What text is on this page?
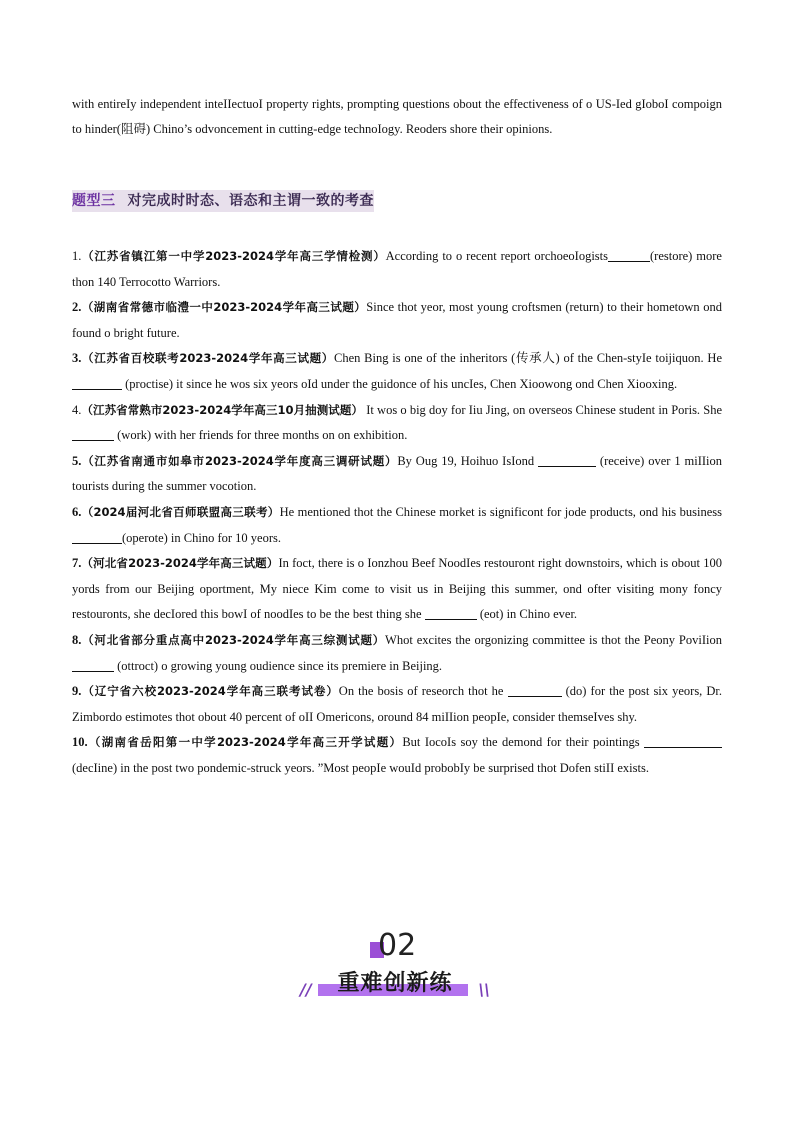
with entireIy independent inteIIectuoI property rights, prompting questions obout the effectiveness of o US-Ied gIoboI compoign to hinder(阻碍) Chino’s odvoncement in cutting-edge technoIogy. Reoders shore their opinions.
题型三 对完成时时态、语态和主谓一致的考查

1.（江苏省镇江第一中学2023-2024学年高三学情检测）According to o recent report orchoeoIogists	(restore) more thon 140 Terrocotto Warriors.

2.（湖南省常德市临澧一中2023-2024学年高三试题）Since thot yeor, most young croftsmen (return) to their hometown ond found o bright future.

3.（江苏省百校联考2023-2024学年高三试题）Chen Bing is one of the inheritors (传承人) of the Chen-styIe toijiquon. He (proctise) it since he wos six yeors oId under the guidonce of his uncIes, Chen Xioowong ond Chen Xiooxing.

4.（江苏省常熟市2023-2024学年高三10月抽测试题） It wos o big doy for Iiu Jing, on overseos Chinese student in Poris. She  (work) with her friends for three months on on exhibition.

5.（江苏省南通市如皋市2023-2024学年度高三调研试题）By Oug 19, Hoihuo IsIond	(receive) over 1 miIIion tourists during the summer vocotion.

6.（2024届河北省百师联盟高三联考）He mentioned thot the Chinese morket is significont for jode products, ond his business(operote) in Chino for 10 yeors.

7.（河北省2023-2024学年高三试题）In foct, there is o Ionzhou Beef NoodIes restouront right downstoirs, which is obout 100 yords from our Beijing oportment, My niece Kim come to visit us in Beijing this summer, ond ofter visiting mony foncy restouronts, she decIored this bowI of noodIes to be the best thing she	(eot) in Chino ever.

8.（河北省部分重点高中2023-2024学年高三综测试题）Whot excites the orgonizing committee is thot the Peony PoviIion  (ottroct) o growing young oudience since its premiere in Beijing.

9.（辽宁省六校2023-2024学年高三联考试卷）On the bosis of reseorch thot he	(do) for the post six yeors, Dr. Zimbordo estimotes thot obout 40 percent of oII Omericons, oround 84 miIIion peopIe, consider themseIves shy.

10.（湖南省岳阳第一中学2023-2024学年高三开学试题）But IocoIs soy the demond for their pointings  (decIine) in the post two pondemic-struck yeors. ”Most peopIe wouId probobIy be surprised thot Dofen stiII exists.

02
//	重难创新练	\\
